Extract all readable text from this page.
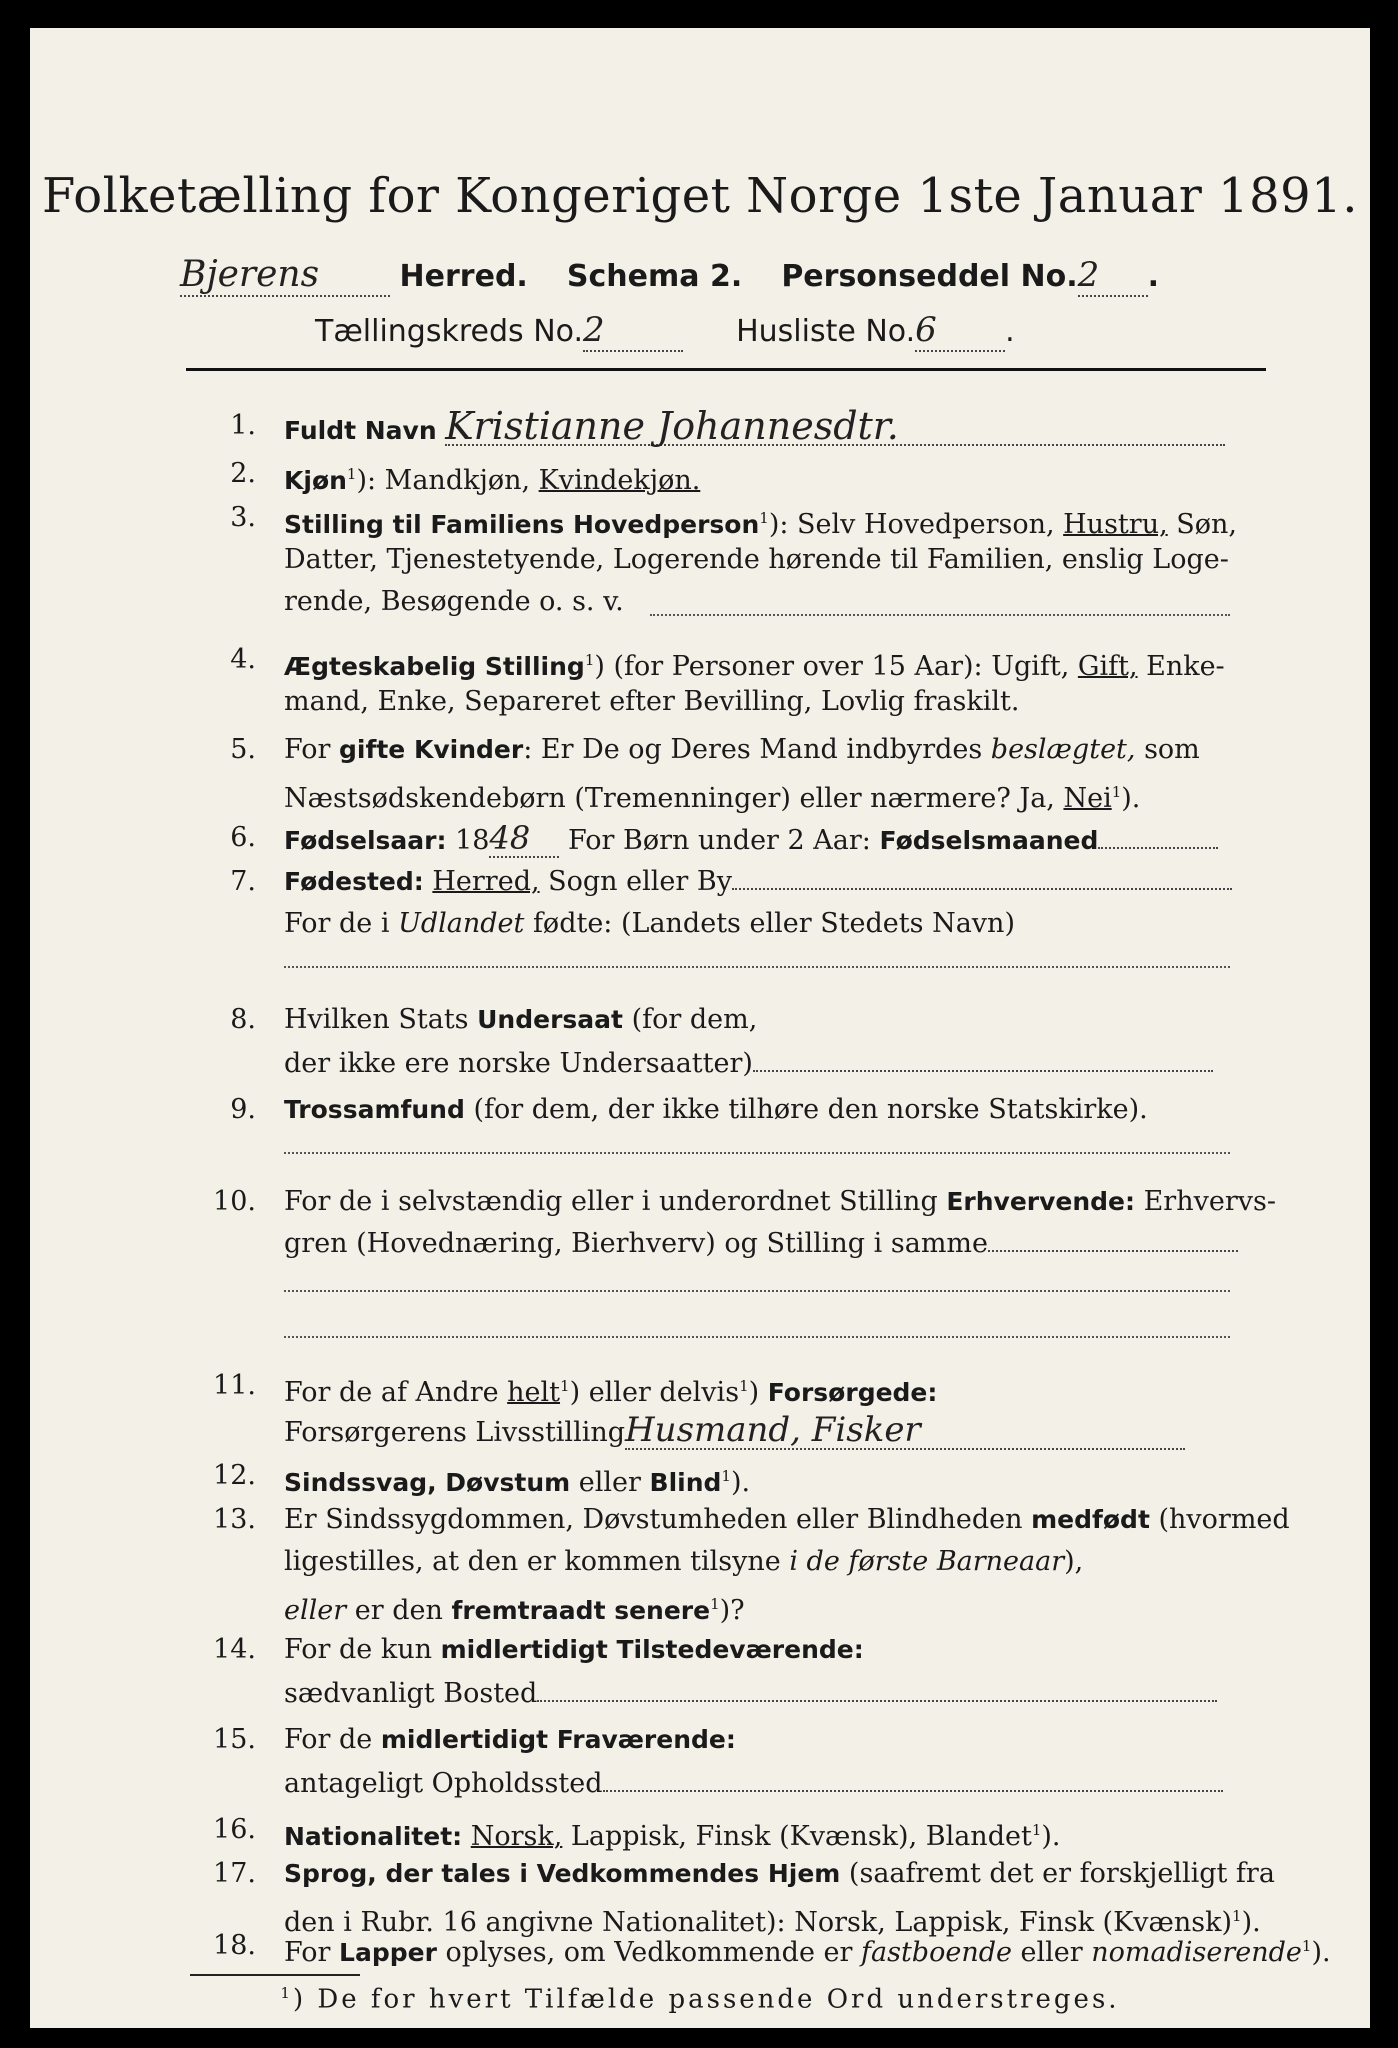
Folketælling for Kongeriget Norge 1ste Januar 1891.
Bjerens	Herred. Schema 2. Personseddel No.2 .
Tællingskreds No.2	Husliste No.6 .
1. Fuldt Navn Kristianne Johannesdtr.
2. Kjøn$^1$): Mandkjøn, Kvindekjøn.
3. Stilling til Familiens Hovedperson$^1$): Selv Hovedperson, Hustru, Søn,
Datter, Tjenestetyende, Logerende hørende til Familien, enslig Loge-
rende, Besøgende o. s. v.
4. Ægteskabelig Stilling$^1$) (for Personer over 15 Aar): Ugift, Gift, Enke-
mand, Enke, Separeret efter Bevilling, Lovlig fraskilt.
5. For gifte Kvinder: Er De og Deres Mand indbyrdes beslægtet, som
Næstsødskendebørn (Tremenninger) eller nærmere? Ja, Nei$^1$).
6. Fødselsaar: 1848 For Børn under 2 Aar: Fødselsmaaned
7. Fødested: Herred, Sogn eller By
For de i Udlandet fødte: (Landets eller Stedets Navn)
8. Hvilken Stats Undersaat (for dem,
der ikke ere norske Undersaatter)
9. Trossamfund (for dem, der ikke tilhøre den norske Statskirke).
10. For de i selvstændig eller i underordnet Stilling Erhvervende: Erhvervs-
gren (Hovednæring, Bierhverv) og Stilling i samme
11. For de af Andre helt$^1$) eller delvis$^1$) Forsørgede:
Forsørgerens LivsstillingHusmand, Fisker
12. Sindssvag, Døvstum eller Blind$^1$).
13. Er Sindssygdommen, Døvstumheden eller Blindheden medfødt (hvormed
ligestilles, at den er kommen tilsyne i de første Barneaar),
eller er den fremtraadt senere$^1$)?
14. For de kun midlertidigt Tilstedeværende:
sædvanligt Bosted
15. For de midlertidigt Fraværende:
antageligt Opholdssted
16. Nationalitet: Norsk, Lappisk, Finsk (Kvænsk), Blandet$^1$).
17. Sprog, der tales i Vedkommendes Hjem (saafremt det er forskjelligt fra
den i Rubr. 16 angivne Nationalitet): Norsk, Lappisk, Finsk (Kvænsk)$^1$).
18. For Lapper oplyses, om Vedkommende er fastboende eller nomadiserende$^1$).
$^1$) De for hvert Tilfælde passende Ord understreges.
